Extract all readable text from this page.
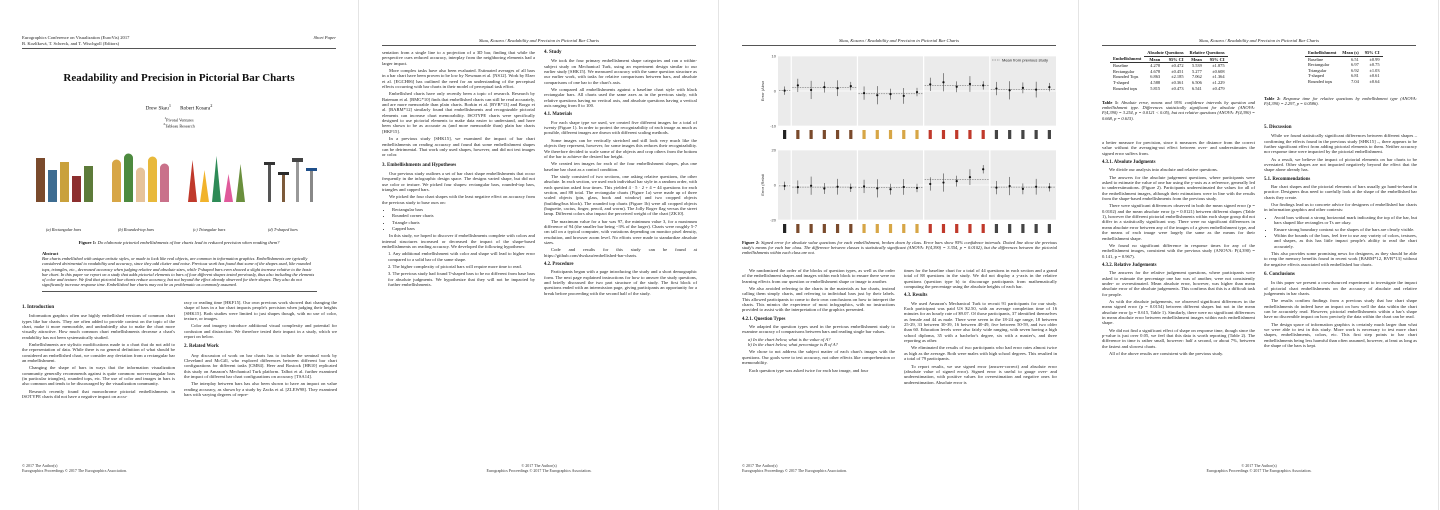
Eurographics Conference on Visualization (EuroVis) 2017
B. Kozlíková, T. Schreck, and T. Wischgoll (Editors)
Short Paper
Readability and Precision in Pictorial Bar Charts
Drew Skau$^1$       Robert Kosara$^2$
$^1$Pivotal Ventures
$^2$Tableau Research
(a) Rectangular bars	(b) Rounded-top bars	(c) Triangular bars	(d) T-shaped bars
Figure 1: Do elaborate pictorial embellishments of bar charts lead to reduced precision when reading them?
Abstract
Bar charts embellished with unique artistic styles, or made to look like real objects, are common in information graphics. Embellishments are typically considered detrimental to readability and accuracy, since they add clutter and noise. Previous work has found that some of the shapes used, like rounded tops, triangles, etc., decreased accuracy when judging relative and absolute sizes, while T-shaped bars even showed a slight increase relative to the basic bar chart. In this paper we report on a study that adds pictorial elements to bars of four different shapes tested previously, thus also including the elements of color and texture. We find that pictorial bar charts reduce accuracy, but not beyond the effect already observed for their shapes. They also do not significantly increase response time. Embellished bar charts may not be as problematic as commonly assumed.
1. Introduction

Information graphics often use highly embellished versions of common chart types like bar charts. They are often added to provide context on the topic of the chart, make it more memorable, and undoubtedly also to make the chart more visually attractive. How much common chart embellishments decrease a chart's readability has not been systematically studied.

Embellishments are stylistic modifications made to a chart that do not add to the representation of data. While there is no general definition of what should be considered an embellished chart, we consider any deviation from a rectangular bar an embellishment.

Changing the shape of bars in ways that the information visualization community generally recommends against is quite common: non-rectangular bars (in particular triangles), rounded tops, etc. The use of color and images in bars is also common and tends to be discouraged by the visualization community.

Research recently found that monochrome pictorial embellishments in ISOTYPE charts did not have a negative impact on accu-

racy or reading time [HKF15]. Our own previous work showed that changing the shape of bars in a bar chart impacts people's precision when judging their heights [SHK15]. Both studies were limited to just shapes though, with no use of color, texture, or images.

Color and imagery introduce additional visual complexity and potential for confusion and distraction. We therefore tested their impact in a study, which we report on below.

2. Related Work

Any discussion of work on bar charts has to include the seminal work by Cleveland and McGill, who explored differences between different bar chart configurations for different tasks [CM84]. Heer and Bostock [HB10] replicated this study on Amazon's Mechanical Turk platform. Talbot et al. further examined the impact of different bar chart configurations on accuracy [TSA14].

The interplay between bars has also been shown to have an impact on value reading accuracy, as shown by a study by Zacks et al. [ZLEW98]. They examined bars with varying degrees of repre-

© 2017 The Author(s)
Eurographics Proceedings © 2017 The Eurographics Association.
Skau, Kosara / Readability and Precision in Pictorial Bar Charts

sentation from a single line to a projection of a 3D bar, finding that while the perspective cues reduced accuracy, interplay from the neighboring elements had a larger impact.

More complex tasks have also been evaluated. Estimated averages of all bars in a bar chart have been proven to be low by Newman et al. [NS12]. Work by Elzer et al. [EGCH06] has outlined the need for an understanding of the perceptual effects occurring with bar charts in their model of perceptual task effort.

Embellished charts have only recently been a topic of research. Research by Bateman et al. [BMG*10] finds that embellished charts can still be read accurately, and are more memorable than plain charts. Borkin et al. [BVB*13] and Borgo et al. [BARM*12] similarly found that embellishments and recognizable pictorial elements can increase chart memorability. ISOTYPE charts were specifically designed to use pictorial elements to make data easier to understand, and have been shown to be as accurate as (and more memorable than) plain bar charts [HKF15].

In a previous study [SHK15], we examined the impact of bar chart embellishments on reading accuracy and found that some embellishment shapes can be detrimental. That work only used shapes, however, and did not test images or color.

3. Embellishments and Hypotheses

Our previous study outlines a set of bar chart shape embellishments that occur frequently in the infographic design space. The designs varied shape, but did not use color or texture. We picked four shapes: rectangular bars, rounded-top bars, triangles and capped bars.

We picked the four chart shapes with the least negative effect on accuracy from the previous study to base ours on:

• Rectangular bars
• Rounded corner charts
• Triangle charts
• Capped bars

In this study, we hoped to discover if embellishments complete with colors and internal structures increased or decreased the impact of the shape-based embellishments on reading accuracy. We developed the following hypotheses:

1. Any additional embellishment with color and shape will lead to higher error compared to a solid bar of the same shape.

2. The higher complexity of pictorial bars will require more time to read.

3. The previous study had found T-shaped bars to be no different from base bars for absolute judgments. We hypothesize that they will not be impacted by further embellishments.

4. Study

We took the four primary embellishment shape categories and ran a within-subject study on Mechanical Turk, using an experiment design similar to our earlier study [SHK15]. We measured accuracy with the same question structure as our earlier work, with tasks for relative comparisons between bars, and absolute comparisons of one bar to the chart's axis.

We compared all embellishments against a baseline chart style with black rectangular bars. All charts used the same axes as in the previous study, with relative questions having no vertical axis, and absolute questions having a vertical axis ranging from 0 to 100.

4.1. Materials

For each shape type we used, we created five different images for a total of twenty (Figure 1). In order to protect the recognizability of each image as much as possible, different images are drawn with different scaling methods.

Some images can be vertically stretched and still look very much like the objects they represent, however, for some images this reduces their recognizability. We therefore decided to scale some of the objects and crop others from the bottom of the bar to achieve the desired bar height.

We created ten images for each of the four embellishment shapes, plus one baseline bar chart as a control condition.

The study consisted of two sections, one asking relative questions, the other absolute. In each section, we used each individual bar style in a random order, with each question asked four times. This yielded 4 · 5 · 2 + 4 = 44 questions for each section, and 88 total. The rectangular charts (Figure 1a) were made up of three scaled objects (pin, glass, book and window) and two cropped objects (building/bus block). The rounded top charts (Figure 1b) were all cropped objects (baguette, cactus, finger, pencil, and worm). The Jolly Roger flag versus the street lamp. Different colors also impact the perceived weight of the chart [ZK10].

The maximum value for a bar was 97, the minimum value 3, for a maximum difference of 94 (the smaller bar being ~3% of the larger). Charts were roughly 5-7 cm tall on a typical computer, with variations depending on monitor pixel density, resolution, and browser zoom level. No efforts were made to standardize absolute sizes.

Code and results for this study can be found at https://github.com/dwskau/embellished-bar-charts.

4.2. Procedure

Participants began with a page introducing the study and a short demographic form. The next page explained instructions for how to answer the study questions, and briefly discussed the two part structure of the study. The first block of questions ended with an intermission page, giving participants an opportunity for a break before proceeding with the second half of the study.

© 2017 The Author(s)
Eurographics Proceedings © 2017 The Eurographics Association.
Skau, Kosara / Readability and Precision in Pictorial Bar Charts
-10
0
10
Error (Abso
Mean from previous study
-20
0
20
Error (Relati
Figure 2: Signed error for absolute value questions for each embellishment, broken down by class. Error bars show 95% confidence intervals. Dotted line show the previous study's means for each bar class. The difference between classes is statistically significant (ANOVA: F(4,390) = 3.354, p = 0.0102), but the differences between the pictorial embellishments within each class are not.

We randomized the order of the blocks of question types, as well as the order of the embellishment shapes and images within each block to ensure there were no learning effects from our question or embellishment shape or image to another.

We also avoided referring to the charts in the materials as bar charts, instead calling them simply charts, and referring to individual bars just by their labels. This allowed participants to come to their own conclusions on how to interpret the charts. This mimics the experience of most infographics, with no instructions provided to assist with the interpretation of the graphics presented.

4.2.1. Question Types

We adapted the question types used in the previous embellishment study to examine accuracy of comparisons between bars and reading single bar values.

a) In the chart below, what is the value of A?
b) In the chart below, what percentage is B of A?

We chose to not address the subject matter of each chart's images with the questions. Our goals were to test accuracy, not other effects like comprehension or memorability.

Each question type was asked twice for each bar image, and four

times for the baseline chart for a total of 44 questions in each section and a grand total of 88 questions in the study. We did not display a y-axis in the relative questions (question type b) to discourage participants from mathematically computing the percentage using the absolute heights of each bar.

4.3. Results

We used Amazon's Mechanical Turk to recruit 91 participants for our study. Each participant was paid US $2.50, with an average completion time of 16 minutes for an hourly rate of $9.07. Of those participants, 37 identified themselves as female and 44 as male. There were seven in the 18-24 age range, 18 between 25-29, 33 between 30-39, 16 between 40-49, five between 50-59, and two older than 60. Education levels were also fairly wide ranging, with seven having a high school diploma, 35 with a bachelor's degree, six with a master's, and three reporting as other.

We eliminated the results of two participants who had error rates almost twice as high as the average. Both were males with high school degrees. This resulted in a total of 79 participants.

To report results, we use signed error (answer-correct) and absolute error (absolute value of signed error). Signed error is useful to gauge over- and underestimation, with positive values for overestimation and negative ones for underestimation. Absolute error is

© 2017 The Author(s)
Eurographics Proceedings © 2017 The Eurographics Association.
Skau, Kosara / Readability and Precision in Pictorial Bar Charts
	Absolute Questions		Relative Questions	
Embellishment	Mean	95% CI	Mean	95% CI
Baseline	4.278	±0.472	5.539	±1.875
Rectangular	4.678	±0.451	5.277	±0.608
Rounded Tops	6.863	±2.185	7.062	±1.364
T-shaped	4.588	±0.361	6.506	±1.229
Rounded tops	5.815	±0.473	6.541	±0.479
Embellishment	Mean (s)	95% CI
Baseline	6.51	±0.99
Rectangular	6.97	±0.75
Triangular	6.92	±1.03
T-shaped	6.81	±0.61
Rounded tops	7.04	±0.64
Table 1: Absolute error, means and 95% confidence intervals by question and embellishment type. Differences statistically significant for absolute (ANOVA: F(4,390) = 3.254, p = 0.0121 < 0.05), but not relative questions (ANOVA: F(4,390) = 0.668, p = 0.615).
Table 2: Response time for relative questions by embellishment type (ANOVA: F(4,390) = 2.297, p = 0.0586).

a better measure for precision, since it measures the distance from the correct value without the averaging-out effect between over- and underestimates the signed error suffers from.

4.3.1. Absolute Judgments

We divide our analysis into absolute and relative questions.

The answers for the absolute judgement questions, where participants were asked to estimate the value of one bar using the y-axis as a reference, generally led to underestimations. (Figure 2). Participants underestimated the values for all of the embellishment images, although their estimations were in line with the results from the shape-based embellishments from the previous study.

There were significant differences observed in both the mean signed error (p = 0.0102) and the mean absolute error (p = 0.0121) between different shapes (Table 1), however the different pictorial embellishments within each shape group did not differ in a statistically significant way. There were no significant differences in mean absolute error between any of the images of a given embellishment type, and the means of each image were largely the same as the means for their embellishment shape.

We found no significant difference in response times for any of the embellishment images, consistent with the previous study (ANOVA: F(4,390) = 0.141, p = 0.967).

4.3.2. Relative Judgements

The answers for the relative judgement questions, where participants were asked to estimate the percentage one bar was of another, were not consistently under- or overestimated. Mean absolute error, however, was higher than mean absolute error of the absolute judgements. This confirms that this is a difficult task for people.

As with the absolute judgements, we observed significant differences in the mean signed error (p = 0.0154) between different shapes but not in the mean absolute error (p = 0.615, Table 1). Similarly, there were no significant differences in mean absolute error between embellishment images within each embellishment shape.

We did not find a significant effect of shape on response time, though since the p-value is just over 0.05, we feel that this data is worth reporting (Table 2). The difference in time is rather small, however: half a second, or about 7%, between the fastest and slowest charts.

All of the above results are consistent with the previous study.

5. Discussion

While we found statistically significant differences between different shapes – confirming the effects found in the previous study [SHK15] –, there appears to be further significant effect from adding pictorial elements to them. Neither accuracy nor response time were impacted by the pictorial embellishment.

As a result, we believe the impact of pictorial elements on bar charts to be overstated. Other shapes are not impacted negatively beyond the effect that the shape alone already has.

5.1. Recommendations

Bar chart shapes and the pictorial elements of bars usually go hand-in-hand in practice. Designers thus need to carefully look at the shape of the embellished bar charts they create.

Our findings lead us to concrete advice for designers of embellished bar charts in information graphics and other contexts:

• Avoid bars without a strong horizontal mark indicating the top of the bar, but bars shaped like rectangles or Ts are okay.
• Ensure strong boundary contrast so the shapes of the bars are clearly visible.
• Within the bounds of the bars, feel free to use any variety of colors, textures, and shapes, as this has little impact people's ability to read the chart accurately.

This also provides some promising news for designers, as they should be able to reap the memory benefits found in recent work [BARM*12, BVB*13] without the negative effects associated with embellished bar charts.

6. Conclusions

In this paper we present a crowdsourced experiment to investigate the impact of pictorial chart embellishments on the accuracy of absolute and relative judgements in bar charts.

The results confirm findings from a previous study that bar chart shape embellishments do indeed have an impact on how well the data within the chart can be accurately read. However, pictorial embellishments within a bar's shape have no discernible impact on how precisely the data within the chart can be read.

The design space of information graphics is certainly much larger than what we were able to test in this study. More work is necessary to test more chart shapes, embellishments, colors, etc. This first step points to bar chart embellishments being less harmful than often assumed, however, at least as long as the shape of the bars is kept.

© 2017 The Author(s)
Eurographics Proceedings © 2017 The Eurographics Association.
